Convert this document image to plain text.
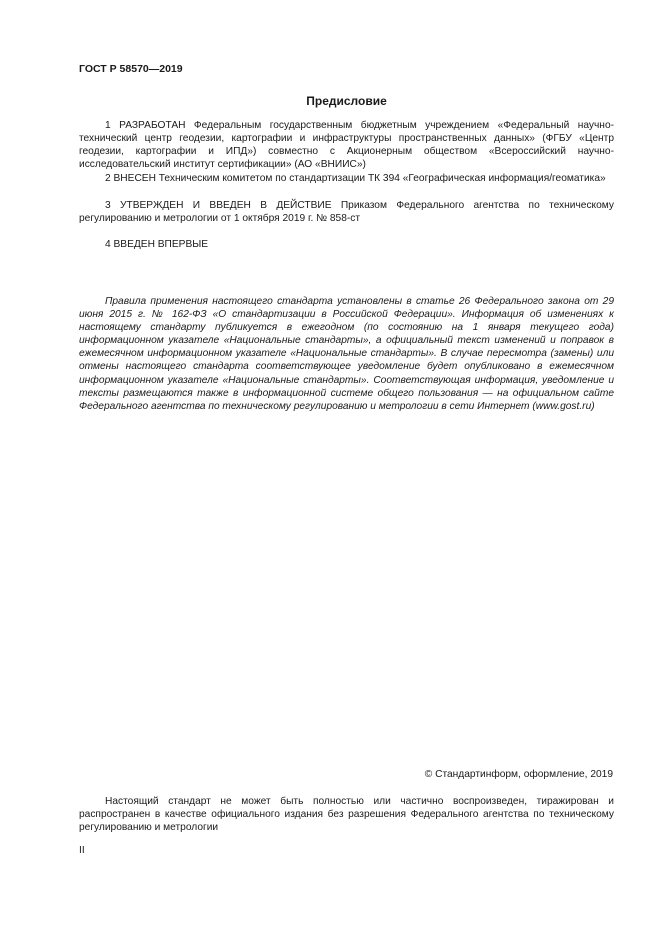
ГОСТ Р 58570—2019
Предисловие

1 РАЗРАБОТАН Федеральным государственным бюджетным учреждением «Федеральный научно-технический центр геодезии, картографии и инфраструктуры пространственных данных» (ФГБУ «Центр геодезии, картографии и ИПД») совместно с Акционерным обществом «Всероссийский научно-исследовательский институт сертификации» (АО «ВНИИС»)

2 ВНЕСЕН Техническим комитетом по стандартизации ТК 394 «Географическая информация/геоматика»

3 УТВЕРЖДЕН И ВВЕДЕН В ДЕЙСТВИЕ Приказом Федерального агентства по техническому регулированию и метрологии от 1 октября 2019 г. № 858-ст

4 ВВЕДЕН ВПЕРВЫЕ

Правила применения настоящего стандарта установлены в статье 26 Федерального закона от 29 июня 2015 г. № 162-ФЗ «О стандартизации в Российской Федерации». Информация об изменениях к настоящему стандарту публикуется в ежегодном (по состоянию на 1 января текущего года) информационном указателе «Национальные стандарты», а официальный текст изменений и поправок в ежемесячном информационном указателе «Национальные стандарты». В случае пересмотра (замены) или отмены настоящего стандарта соответствующее уведомление будет опубликовано в ежемесячном информационном указателе «Национальные стандарты». Соответствующая информация, уведомление и тексты размещаются также в информационной системе общего пользования — на официальном сайте Федерального агентства по техническому регулированию и метрологии в сети Интернет (www.gost.ru)

© Стандартинформ, оформление, 2019

Настоящий стандарт не может быть полностью или частично воспроизведен, тиражирован и распространен в качестве официального издания без разрешения Федерального агентства по техническому регулированию и метрологии

II
